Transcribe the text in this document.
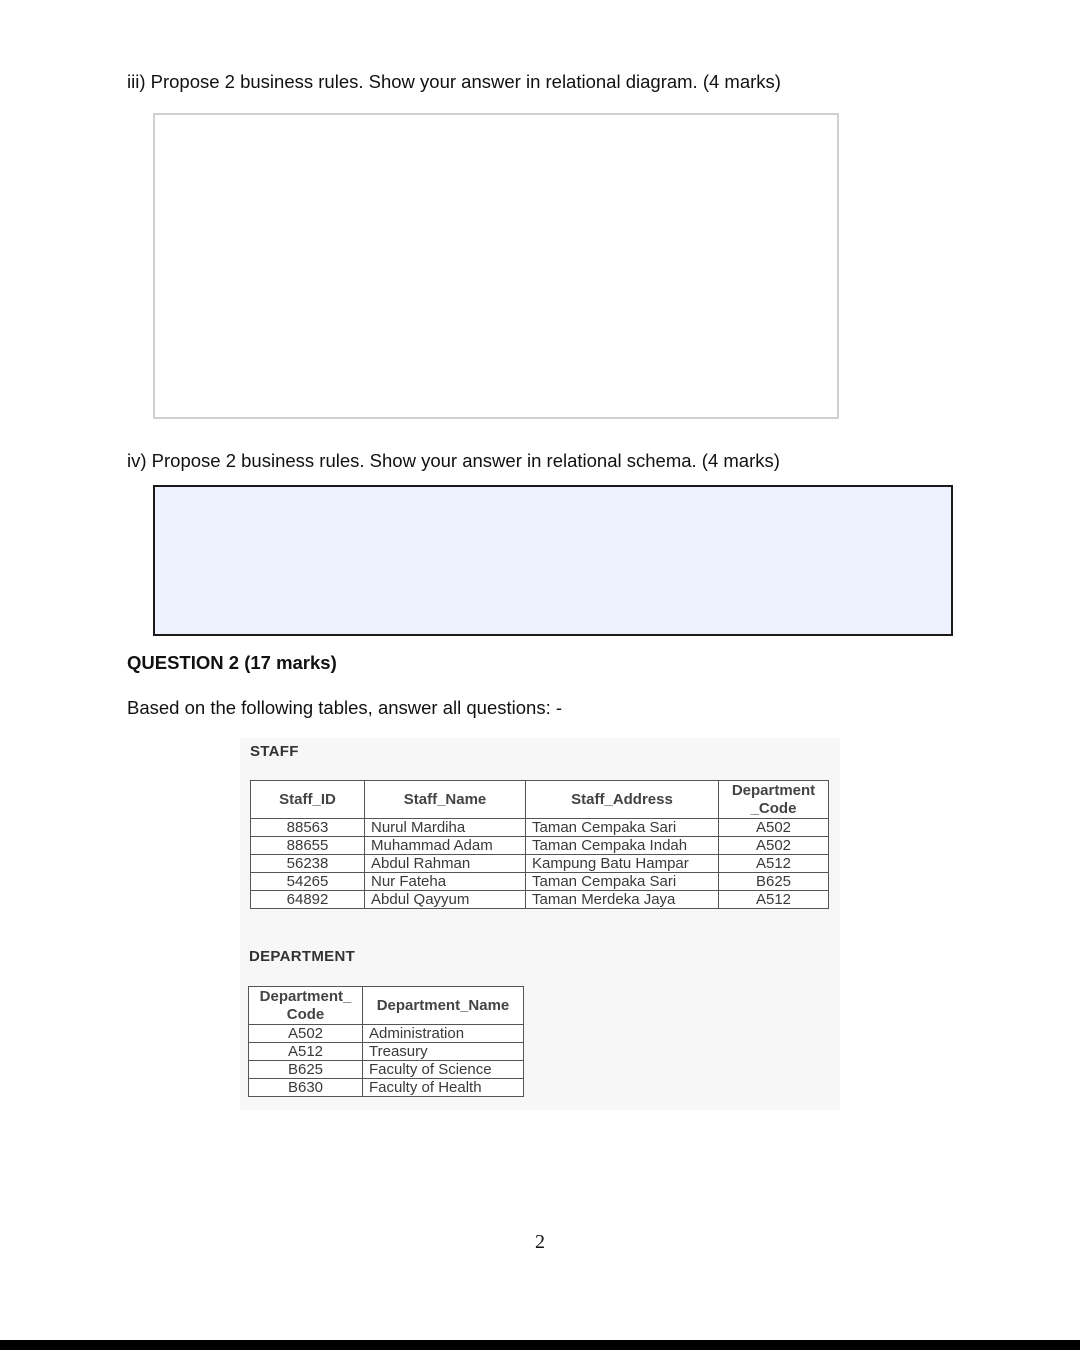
iii) Propose 2 business rules. Show your answer in relational diagram. (4 marks)
iv) Propose 2 business rules. Show your answer in relational schema. (4 marks)
QUESTION 2 (17 marks)
Based on the following tables, answer all questions: -
STAFF
Staff_ID	Staff_Name	Staff_Address	Department _Code
88563	Nurul Mardiha	Taman Cempaka Sari	A502
88655	Muhammad Adam	Taman Cempaka Indah	A502
56238	Abdul Rahman	Kampung Batu Hampar	A512
54265	Nur Fateha	Taman Cempaka Sari	B625
64892	Abdul Qayyum	Taman Merdeka Jaya	A512
DEPARTMENT
Department_ Code	Department_Name
A502	Administration
A512	Treasury
B625	Faculty of Science
B630	Faculty of Health
2
